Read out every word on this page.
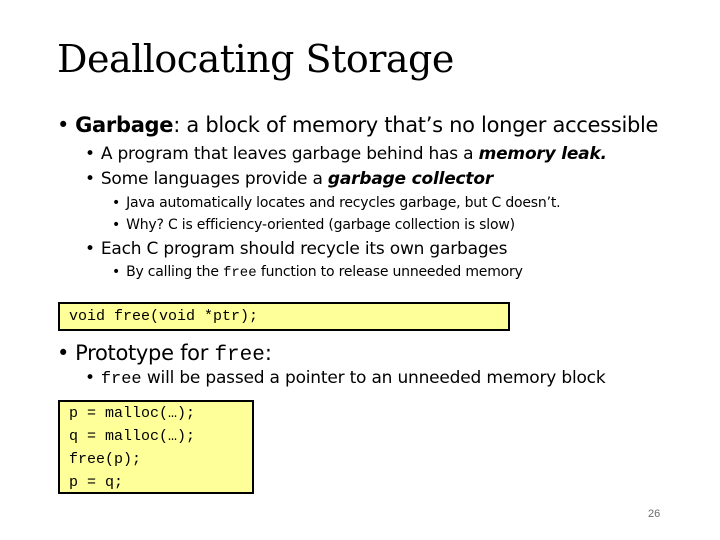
Deallocating Storage
• Garbage: a block of memory that’s no longer accessible
• A program that leaves garbage behind has a memory leak.
• Some languages provide a garbage collector
• Java automatically locates and recycles garbage, but C doesn’t.
• Why? C is efficiency-oriented (garbage collection is slow)
• Each C program should recycle its own garbages
• By calling the free function to release unneeded memory
void free(void *ptr);
• Prototype for free:
• free will be passed a pointer to an unneeded memory block
p = malloc(…);
q = malloc(…);
free(p);
p = q;
26
